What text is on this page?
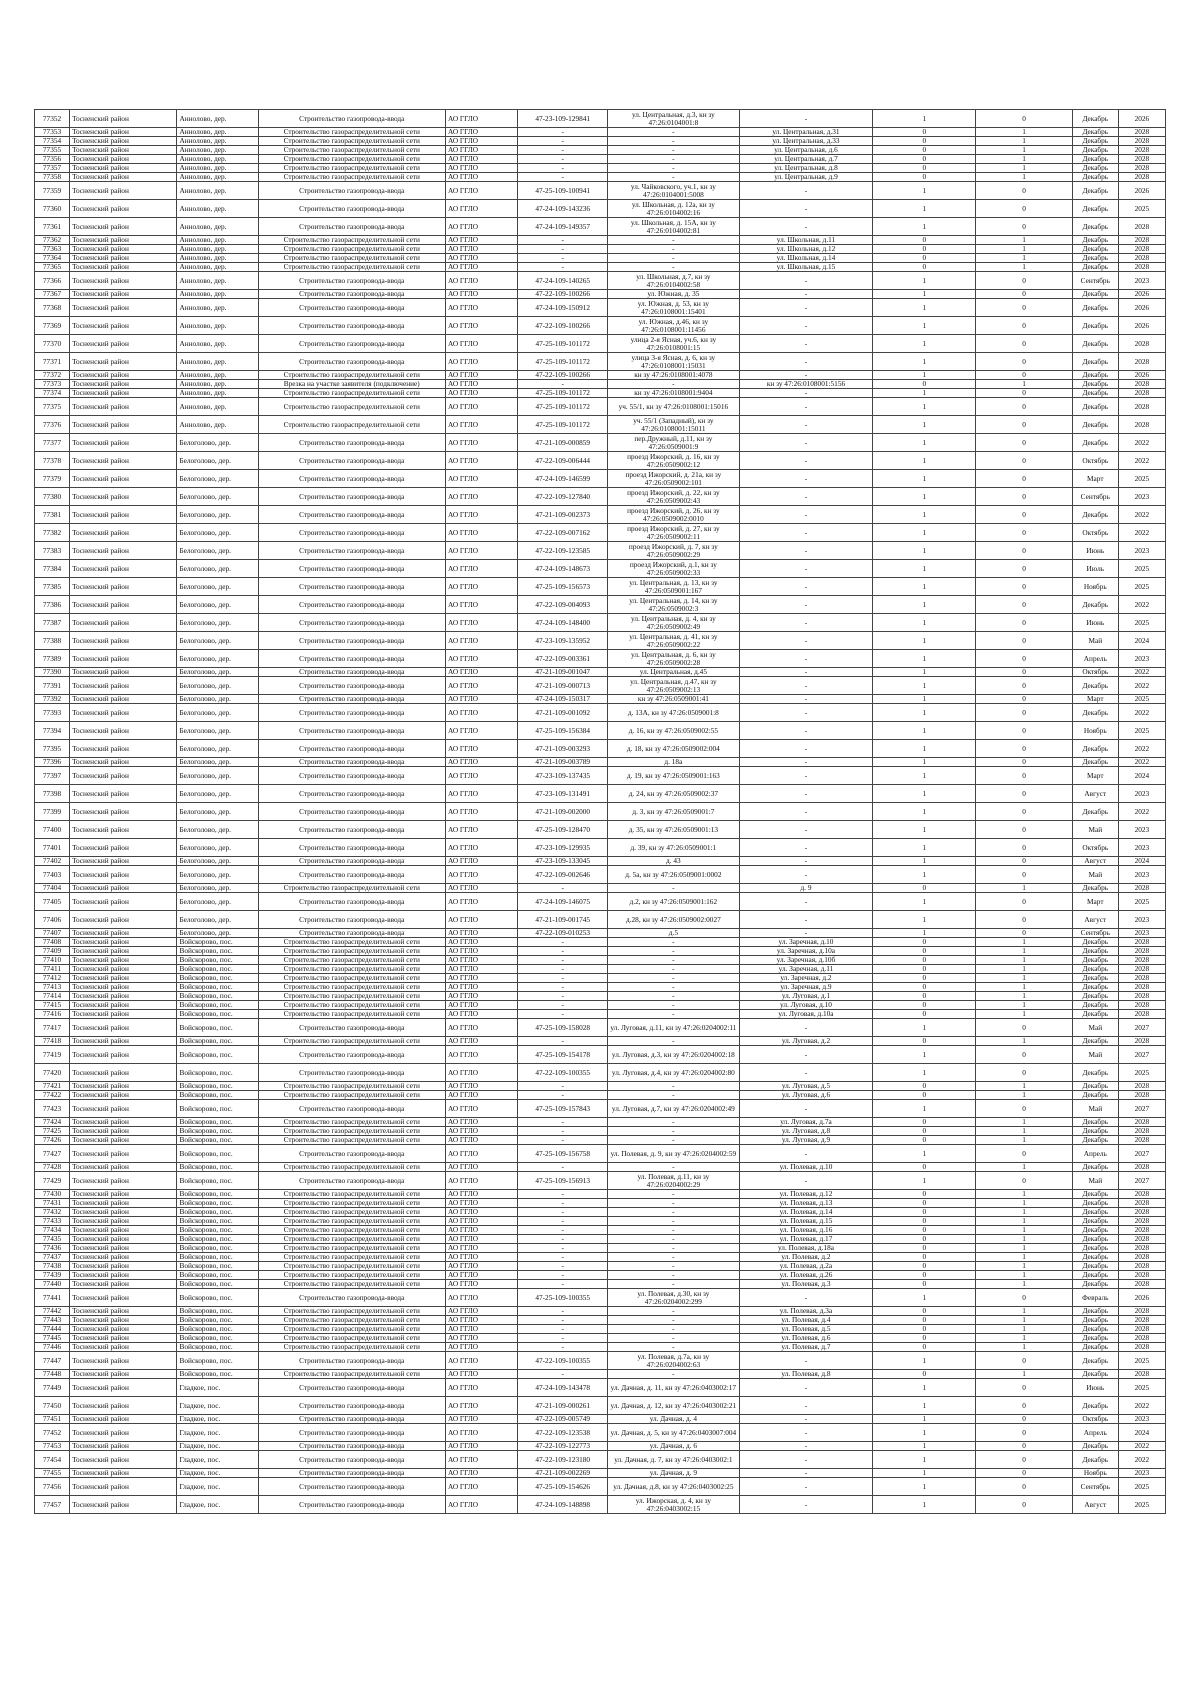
77352	Тосненский район	Аннолово, дер.	Строительство газопровода-ввода	АО ГГЛО	47-23-109-129841	ул. Центральная, д.3, кн зу 47:26:0104001:8	-	1	0	Декабрь	2026
77353	Тосненский район	Аннолово, дер.	Строительство газораспределительной сети	АО ГГЛО	-	-	ул. Центральная, д.31	0	1	Декабрь	2028
77354	Тосненский район	Аннолово, дер.	Строительство газораспределительной сети	АО ГГЛО	-	-	ул. Центральная, д.33	0	1	Декабрь	2028
77355	Тосненский район	Аннолово, дер.	Строительство газораспределительной сети	АО ГГЛО	-	-	ул. Центральная, д.6	0	1	Декабрь	2028
77356	Тосненский район	Аннолово, дер.	Строительство газораспределительной сети	АО ГГЛО	-	-	ул. Центральная, д.7	0	1	Декабрь	2028
77357	Тосненский район	Аннолово, дер.	Строительство газораспределительной сети	АО ГГЛО	-	-	ул. Центральная, д.8	0	1	Декабрь	2028
77358	Тосненский район	Аннолово, дер.	Строительство газораспределительной сети	АО ГГЛО	-	-	ул. Центральная, д.9	0	1	Декабрь	2028
77359	Тосненский район	Аннолово, дер.	Строительство газопровода-ввода	АО ГГЛО	47-25-109-100941	ул. Чайковского, уч.1, кн зу 47:26:0104001:5008	-	1	0	Декабрь	2026
77360	Тосненский район	Аннолово, дер.	Строительство газопровода-ввода	АО ГГЛО	47-24-109-143236	ул. Школьная, д. 12а, кн зу 47:26:0104002:16	-	1	0	Декабрь	2025
77361	Тосненский район	Аннолово, дер.	Строительство газопровода-ввода	АО ГГЛО	47-24-109-149357	ул. Школьная, д. 15А, кн зу 47:26:0104002:81	-	1	0	Декабрь	2028
77362	Тосненский район	Аннолово, дер.	Строительство газораспределительной сети	АО ГГЛО	-	-	ул. Школьная, д.11	0	1	Декабрь	2028
77363	Тосненский район	Аннолово, дер.	Строительство газораспределительной сети	АО ГГЛО	-	-	ул. Школьная, д.12	0	1	Декабрь	2028
77364	Тосненский район	Аннолово, дер.	Строительство газораспределительной сети	АО ГГЛО	-	-	ул. Школьная, д.14	0	1	Декабрь	2028
77365	Тосненский район	Аннолово, дер.	Строительство газораспределительной сети	АО ГГЛО	-	-	ул. Школьная, д.15	0	1	Декабрь	2028
77366	Тосненский район	Аннолово, дер.	Строительство газопровода-ввода	АО ГГЛО	47-24-109-140265	ул. Школьная, д.7, кн зу 47:26:0104002:58	-	1	0	Сентябрь	2023
77367	Тосненский район	Аннолово, дер.	Строительство газопровода-ввода	АО ГГЛО	47-22-109-100266	ул. Южная, д. 35	-	1	0	Декабрь	2026
77368	Тосненский район	Аннолово, дер.	Строительство газопровода-ввода	АО ГГЛО	47-24-109-150912	ул. Южная, д. 53, кн зу 47:26:0108001:15401	-	1	0	Декабрь	2026
77369	Тосненский район	Аннолово, дер.	Строительство газопровода-ввода	АО ГГЛО	47-22-109-100266	ул. Южная, д.46, кн зу 47:26:0108001:11456	-	1	0	Декабрь	2026
77370	Тосненский район	Аннолово, дер.	Строительство газопровода-ввода	АО ГГЛО	47-25-109-101172	улица 2-я Ясная, уч.6, кн зу 47:26:0108001:15	-	1	0	Декабрь	2028
77371	Тосненский район	Аннолово, дер.	Строительство газопровода-ввода	АО ГГЛО	47-25-109-101172	улица 3-я Ясная, д. 6, кн зу 47:26:0108001:15031	-	1	0	Декабрь	2028
77372	Тосненский район	Аннолово, дер.	Строительство газораспределительной сети	АО ГГЛО	47-22-109-100266	кн зу 47:26:0108001:4078	-	1	0	Декабрь	2026
77373	Тосненский район	Аннолово, дер.	Врезка на участке заявителя (подключение)	АО ГГЛО	-	-	кн зу 47:26:0108001:5156	0	1	Декабрь	2028
77374	Тосненский район	Аннолово, дер.	Строительство газораспределительной сети	АО ГГЛО	47-25-109-101172	кн зу 47:26:0108001:9404	-	1	0	Декабрь	2028
77375	Тосненский район	Аннолово, дер.	Строительство газораспределительной сети	АО ГГЛО	47-25-109-101172	уч. 55/1, кн зу 47:26:0108001:15016	-	1	0	Декабрь	2028
77376	Тосненский район	Аннолово, дер.	Строительство газораспределительной сети	АО ГГЛО	47-25-109-101172	уч. 55/1 (Западный), кн зу 47:26:0108001:15011	-	1	0	Декабрь	2028
77377	Тосненский район	Белоголово, дер.	Строительство газопровода-ввода	АО ГГЛО	47-21-109-000859	пер.Дружный, д.11, кн зу 47:26:0509001:9	-	1	0	Декабрь	2022
77378	Тосненский район	Белоголово, дер.	Строительство газопровода-ввода	АО ГГЛО	47-22-109-006444	проезд Ижорский, д. 16, кн зу 47:26:0509002:12	-	1	0	Октябрь	2022
77379	Тосненский район	Белоголово, дер.	Строительство газопровода-ввода	АО ГГЛО	47-24-109-146599	проезд Ижорский, д. 21а, кн зу 47:26:0509002:101	-	1	0	Март	2025
77380	Тосненский район	Белоголово, дер.	Строительство газопровода-ввода	АО ГГЛО	47-22-109-127840	проезд Ижорский, д. 22, кн зу 47:26:0509002:43	-	1	0	Сентябрь	2023
77381	Тосненский район	Белоголово, дер.	Строительство газопровода-ввода	АО ГГЛО	47-21-109-002373	проезд Ижорский, д. 26, кн зу 47:26:0509002:0010	-	1	0	Декабрь	2022
77382	Тосненский район	Белоголово, дер.	Строительство газопровода-ввода	АО ГГЛО	47-22-109-007162	проезд Ижорский, д. 27, кн зу 47:26:0509002:11	-	1	0	Октябрь	2022
77383	Тосненский район	Белоголово, дер.	Строительство газопровода-ввода	АО ГГЛО	47-22-109-123585	проезд Ижорский, д. 7, кн зу 47:26:0509002:29	-	1	0	Июнь	2023
77384	Тосненский район	Белоголово, дер.	Строительство газопровода-ввода	АО ГГЛО	47-24-109-148673	проезд Ижорский, д.1, кн зу 47:26:0509002:33	-	1	0	Июль	2025
77385	Тосненский район	Белоголово, дер.	Строительство газопровода-ввода	АО ГГЛО	47-25-109-156573	ул. Центральная, д. 13, кн зу 47:26:0509001:167	-	1	0	Ноябрь	2025
77386	Тосненский район	Белоголово, дер.	Строительство газопровода-ввода	АО ГГЛО	47-22-109-004093	ул. Центральная, д. 14, кн зу 47:26:0509002:3	-	1	0	Декабрь	2022
77387	Тосненский район	Белоголово, дер.	Строительство газопровода-ввода	АО ГГЛО	47-24-109-148400	ул. Центральная, д. 4, кн зу 47:26:0509002:49	-	1	0	Июнь	2025
77388	Тосненский район	Белоголово, дер.	Строительство газопровода-ввода	АО ГГЛО	47-23-109-135952	ул. Центральная, д. 41, кн зу 47:26:0509002:22	-	1	0	Май	2024
77389	Тосненский район	Белоголово, дер.	Строительство газопровода-ввода	АО ГГЛО	47-22-109-003361	ул. Центральная, д. 6, кн зу 47:26:0509002:28	-	1	0	Апрель	2023
77390	Тосненский район	Белоголово, дер.	Строительство газопровода-ввода	АО ГГЛО	47-21-109-001047	ул. Центральная, д.45	-	1	0	Октябрь	2022
77391	Тосненский район	Белоголово, дер.	Строительство газопровода-ввода	АО ГГЛО	47-21-109-000713	ул. Центральная, д.47, кн зу 47:26:0509002:13	-	1	0	Декабрь	2022
77392	Тосненский район	Белоголово, дер.	Строительство газопровода-ввода	АО ГГЛО	47-24-109-150317	кн зу 47:26:0509001:41	-	1	0	Март	2025
77393	Тосненский район	Белоголово, дер.	Строительство газопровода-ввода	АО ГГЛО	47-21-109-001092	д. 13А, кн зу 47:26:0509001:8	-	1	0	Декабрь	2022
77394	Тосненский район	Белоголово, дер.	Строительство газопровода-ввода	АО ГГЛО	47-25-109-156384	д. 16, кн зу 47:26:0509002:55	-	1	0	Ноябрь	2025
77395	Тосненский район	Белоголово, дер.	Строительство газопровода-ввода	АО ГГЛО	47-21-109-003293	д. 18, кн зу 47:26:0509002:004	-	1	0	Декабрь	2022
77396	Тосненский район	Белоголово, дер.	Строительство газопровода-ввода	АО ГГЛО	47-21-109-003789	д. 18а	-	1	0	Декабрь	2022
77397	Тосненский район	Белоголово, дер.	Строительство газопровода-ввода	АО ГГЛО	47-23-109-137435	д. 19, кн зу 47:26:0509001:163	-	1	0	Март	2024
77398	Тосненский район	Белоголово, дер.	Строительство газопровода-ввода	АО ГГЛО	47-23-109-131491	д. 24, кн зу 47:26:0509002:37	-	1	0	Август	2023
77399	Тосненский район	Белоголово, дер.	Строительство газопровода-ввода	АО ГГЛО	47-21-109-002000	д. 3, кн зу 47:26:0509001:7	-	1	0	Декабрь	2022
77400	Тосненский район	Белоголово, дер.	Строительство газопровода-ввода	АО ГГЛО	47-25-109-128470	д. 35, кн зу 47:26:0509001:13	-	1	0	Май	2023
77401	Тосненский район	Белоголово, дер.	Строительство газопровода-ввода	АО ГГЛО	47-23-109-129935	д. 39, кн зу 47:26:0509001:1	-	1	0	Октябрь	2023
77402	Тосненский район	Белоголово, дер.	Строительство газопровода-ввода	АО ГГЛО	47-23-109-133045	д. 43	-	1	0	Август	2024
77403	Тосненский район	Белоголово, дер.	Строительство газопровода-ввода	АО ГГЛО	47-22-109-002646	д. 5а, кн зу 47:26:0509001:0002	-	1	0	Май	2023
77404	Тосненский район	Белоголово, дер.	Строительство газораспределительной сети	АО ГГЛО	-	-	д. 9	0	1	Декабрь	2028
77405	Тосненский район	Белоголово, дер.	Строительство газопровода-ввода	АО ГГЛО	47-24-109-146075	д.2, кн зу 47:26:0509001:162	-	1	0	Март	2025
77406	Тосненский район	Белоголово, дер.	Строительство газопровода-ввода	АО ГГЛО	47-21-109-001745	д.28, кн зу 47:26:0509002:0027	-	1	0	Август	2023
77407	Тосненский район	Белоголово, дер.	Строительство газопровода-ввода	АО ГГЛО	47-22-109-010253	д.5	-	1	0	Сентябрь	2023
77408	Тосненский район	Войскорово, пос.	Строительство газораспределительной сети	АО ГГЛО	-	-	ул. Заречная, д.10	0	1	Декабрь	2028
77409	Тосненский район	Войскорово, пос.	Строительство газораспределительной сети	АО ГГЛО	-	-	ул. Заречная, д.10а	0	1	Декабрь	2028
77410	Тосненский район	Войскорово, пос.	Строительство газораспределительной сети	АО ГГЛО	-	-	ул. Заречная, д.10б	0	1	Декабрь	2028
77411	Тосненский район	Войскорово, пос.	Строительство газораспределительной сети	АО ГГЛО	-	-	ул. Заречная, д.11	0	1	Декабрь	2028
77412	Тосненский район	Войскорово, пос.	Строительство газораспределительной сети	АО ГГЛО	-	-	ул. Заречная, д.2	0	1	Декабрь	2028
77413	Тосненский район	Войскорово, пос.	Строительство газораспределительной сети	АО ГГЛО	-	-	ул. Заречная, д.9	0	1	Декабрь	2028
77414	Тосненский район	Войскорово, пос.	Строительство газораспределительной сети	АО ГГЛО	-	-	ул. Луговая, д.1	0	1	Декабрь	2028
77415	Тосненский район	Войскорово, пос.	Строительство газораспределительной сети	АО ГГЛО	-	-	ул. Луговая, д.10	0	1	Декабрь	2028
77416	Тосненский район	Войскорово, пос.	Строительство газораспределительной сети	АО ГГЛО	-	-	ул. Луговая, д.10а	0	1	Декабрь	2028
77417	Тосненский район	Войскорово, пос.	Строительство газопровода-ввода	АО ГГЛО	47-25-109-158028	ул. Луговая, д.11, кн зу 47:26:0204002:11	-	1	0	Май	2027
77418	Тосненский район	Войскорово, пос.	Строительство газораспределительной сети	АО ГГЛО	-	-	ул. Луговая, д.2	0	1	Декабрь	2028
77419	Тосненский район	Войскорово, пос.	Строительство газопровода-ввода	АО ГГЛО	47-25-109-154178	ул. Луговая, д.3, кн зу 47:26:0204002:18	-	1	0	Май	2027
77420	Тосненский район	Войскорово, пос.	Строительство газопровода-ввода	АО ГГЛО	47-22-109-100355	ул. Луговая, д.4, кн зу 47:26:0204002:80	-	1	0	Декабрь	2025
77421	Тосненский район	Войскорово, пос.	Строительство газораспределительной сети	АО ГГЛО	-	-	ул. Луговая, д.5	0	1	Декабрь	2028
77422	Тосненский район	Войскорово, пос.	Строительство газораспределительной сети	АО ГГЛО	-	-	ул. Луговая, д.6	0	1	Декабрь	2028
77423	Тосненский район	Войскорово, пос.	Строительство газопровода-ввода	АО ГГЛО	47-25-109-157843	ул. Луговая, д.7, кн зу 47:26:0204002:49	-	1	0	Май	2027
77424	Тосненский район	Войскорово, пос.	Строительство газораспределительной сети	АО ГГЛО	-	-	ул. Луговая, д.7а	0	1	Декабрь	2028
77425	Тосненский район	Войскорово, пос.	Строительство газораспределительной сети	АО ГГЛО	-	-	ул. Луговая, д.8	0	1	Декабрь	2028
77426	Тосненский район	Войскорово, пос.	Строительство газораспределительной сети	АО ГГЛО	-	-	ул. Луговая, д.9	0	1	Декабрь	2028
77427	Тосненский район	Войскорово, пос.	Строительство газопровода-ввода	АО ГГЛО	47-25-109-156758	ул. Полевая, д. 9, кн зу 47:26:0204002:59	-	1	0	Апрель	2027
77428	Тосненский район	Войскорово, пос.	Строительство газораспределительной сети	АО ГГЛО	-	-	ул. Полевая, д.10	0	1	Декабрь	2028
77429	Тосненский район	Войскорово, пос.	Строительство газопровода-ввода	АО ГГЛО	47-25-109-156913	ул. Полевая, д.11, кн зу 47:26:0204002:29	-	1	0	Май	2027
77430	Тосненский район	Войскорово, пос.	Строительство газораспределительной сети	АО ГГЛО	-	-	ул. Полевая, д.12	0	1	Декабрь	2028
77431	Тосненский район	Войскорово, пос.	Строительство газораспределительной сети	АО ГГЛО	-	-	ул. Полевая, д.13	0	1	Декабрь	2028
77432	Тосненский район	Войскорово, пос.	Строительство газораспределительной сети	АО ГГЛО	-	-	ул. Полевая, д.14	0	1	Декабрь	2028
77433	Тосненский район	Войскорово, пос.	Строительство газораспределительной сети	АО ГГЛО	-	-	ул. Полевая, д.15	0	1	Декабрь	2028
77434	Тосненский район	Войскорово, пос.	Строительство газораспределительной сети	АО ГГЛО	-	-	ул. Полевая, д.16	0	1	Декабрь	2028
77435	Тосненский район	Войскорово, пос.	Строительство газораспределительной сети	АО ГГЛО	-	-	ул. Полевая, д.17	0	1	Декабрь	2028
77436	Тосненский район	Войскорово, пос.	Строительство газораспределительной сети	АО ГГЛО	-	-	ул. Полевая, д.18а	0	1	Декабрь	2028
77437	Тосненский район	Войскорово, пос.	Строительство газораспределительной сети	АО ГГЛО	-	-	ул. Полевая, д.2	0	1	Декабрь	2028
77438	Тосненский район	Войскорово, пос.	Строительство газораспределительной сети	АО ГГЛО	-	-	ул. Полевая, д.2а	0	1	Декабрь	2028
77439	Тосненский район	Войскорово, пос.	Строительство газораспределительной сети	АО ГГЛО	-	-	ул. Полевая, д.26	0	1	Декабрь	2028
77440	Тосненский район	Войскорово, пос.	Строительство газораспределительной сети	АО ГГЛО	-	-	ул. Полевая, д.3	0	1	Декабрь	2028
77441	Тосненский район	Войскорово, пос.	Строительство газопровода-ввода	АО ГГЛО	47-25-109-100355	ул. Полевая, д.30, кн зу 47:26:0204002:299	-	1	0	Февраль	2026
77442	Тосненский район	Войскорово, пос.	Строительство газораспределительной сети	АО ГГЛО	-	-	ул. Полевая, д.3а	0	1	Декабрь	2028
77443	Тосненский район	Войскорово, пос.	Строительство газораспределительной сети	АО ГГЛО	-	-	ул. Полевая, д.4	0	1	Декабрь	2028
77444	Тосненский район	Войскорово, пос.	Строительство газораспределительной сети	АО ГГЛО	-	-	ул. Полевая, д.5	0	1	Декабрь	2028
77445	Тосненский район	Войскорово, пос.	Строительство газораспределительной сети	АО ГГЛО	-	-	ул. Полевая, д.6	0	1	Декабрь	2028
77446	Тосненский район	Войскорово, пос.	Строительство газораспределительной сети	АО ГГЛО	-	-	ул. Полевая, д.7	0	1	Декабрь	2028
77447	Тосненский район	Войскорово, пос.	Строительство газопровода-ввода	АО ГГЛО	47-22-109-100355	ул. Полевая, д.7а, кн зу 47:26:0204002:63	-	1	0	Декабрь	2025
77448	Тосненский район	Войскорово, пос.	Строительство газораспределительной сети	АО ГГЛО	-	-	ул. Полевая, д.8	0	1	Декабрь	2028
77449	Тосненский район	Гладкое, пос.	Строительство газопровода-ввода	АО ГГЛО	47-24-109-143478	ул. Дачная, д. 11, кн зу 47:26:0403002:17	-	1	0	Июнь	2025
77450	Тосненский район	Гладкое, пос.	Строительство газопровода-ввода	АО ГГЛО	47-21-109-000261	ул. Дачная, д. 12, кн зу 47:26:0403002:21	-	1	0	Декабрь	2022
77451	Тосненский район	Гладкое, пос.	Строительство газопровода-ввода	АО ГГЛО	47-22-109-005749	ул. Дачная, д. 4	-	1	0	Октябрь	2023
77452	Тосненский район	Гладкое, пос.	Строительство газопровода-ввода	АО ГГЛО	47-22-109-123538	ул. Дачная, д. 5, кн зу 47:26:0403007:004	-	1	0	Апрель	2024
77453	Тосненский район	Гладкое, пос.	Строительство газопровода-ввода	АО ГГЛО	47-22-109-122773	ул. Дачная, д. 6	-	1	0	Декабрь	2022
77454	Тосненский район	Гладкое, пос.	Строительство газопровода-ввода	АО ГГЛО	47-22-109-123180	ул. Дачная, д. 7, кн зу 47:26:0403002:1	-	1	0	Декабрь	2022
77455	Тосненский район	Гладкое, пос.	Строительство газопровода-ввода	АО ГГЛО	47-21-109-002269	ул. Дачная, д. 9	-	1	0	Ноябрь	2023
77456	Тосненский район	Гладкое, пос.	Строительство газопровода-ввода	АО ГГЛО	47-25-109-154626	ул. Дачная, д.8, кн зу 47:26:0403002:25	-	1	0	Сентябрь	2025
77457	Тосненский район	Гладкое, пос.	Строительство газопровода-ввода	АО ГГЛО	47-24-109-148898	ул. Ижорская, д. 4, кн зу 47:26:0403002:15	-	1	0	Август	2025
